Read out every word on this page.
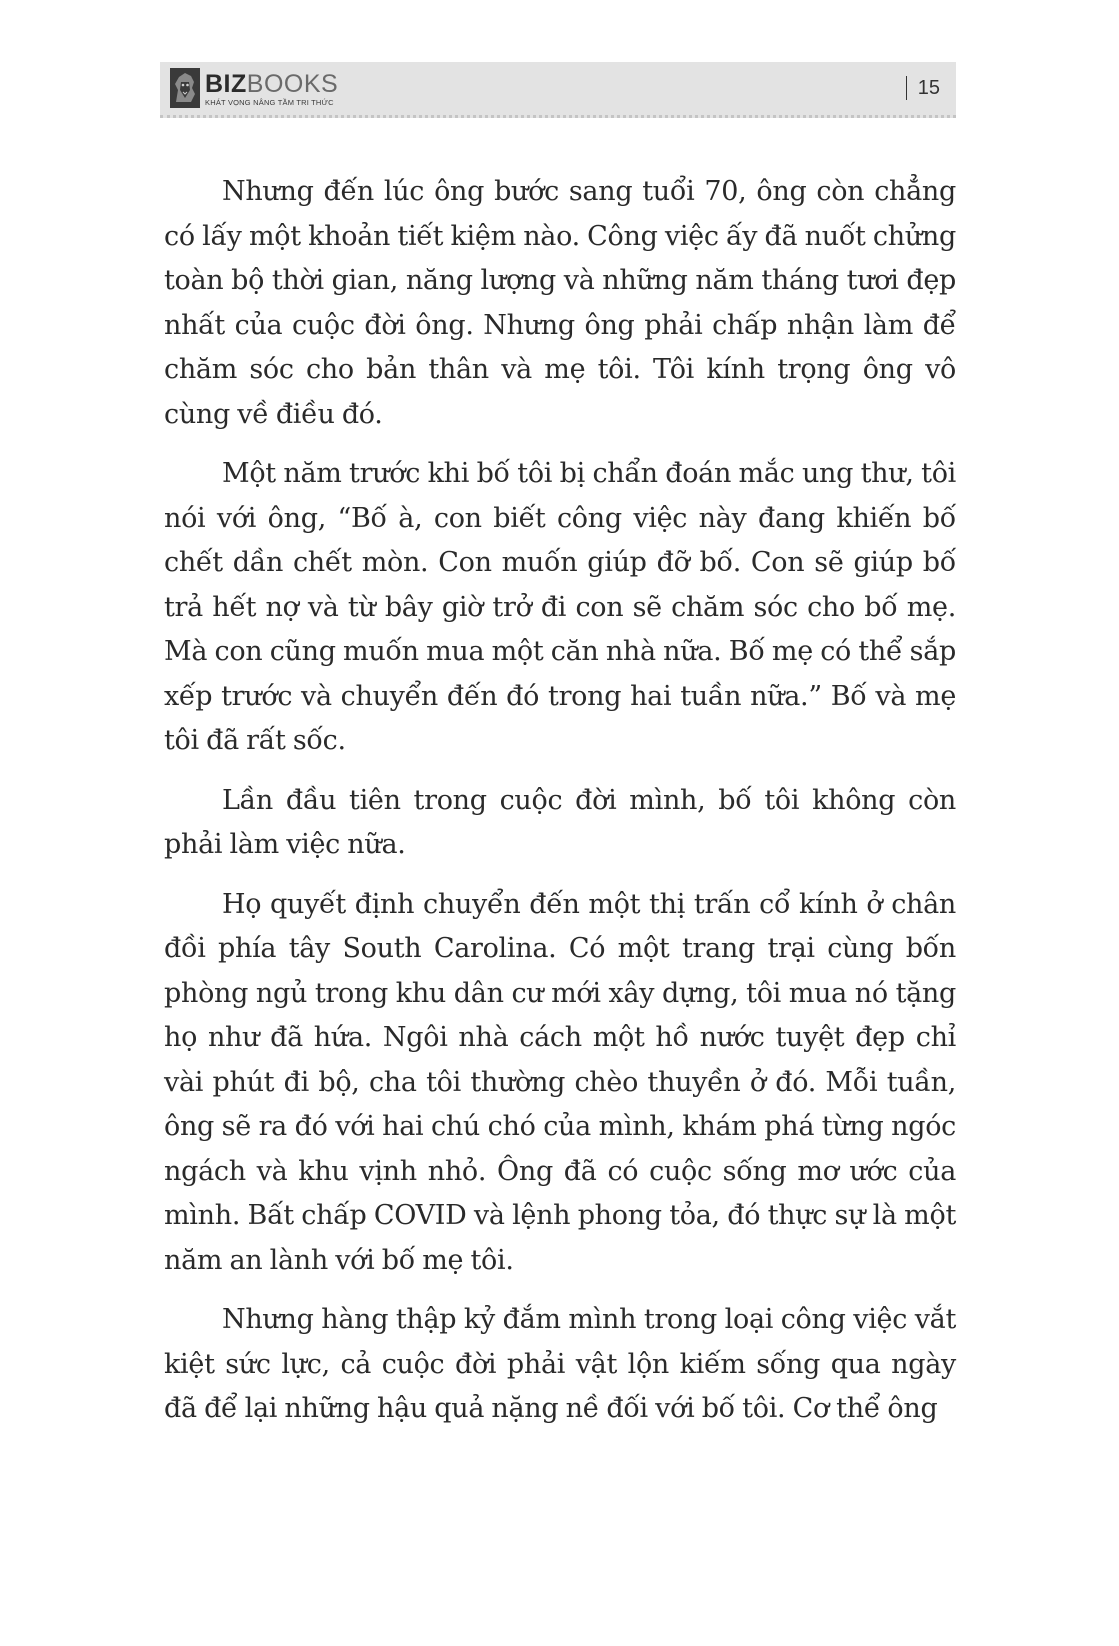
BIZBOOKS
KHÁT VỌNG NÂNG TẦM TRI THỨC
15

Nhưng đến lúc ông bước sang tuổi 70, ông còn chẳng có lấy một khoản tiết kiệm nào. Công việc ấy đã nuốt chửng toàn bộ thời gian, năng lượng và những năm tháng tươi đẹp nhất của cuộc đời ông. Nhưng ông phải chấp nhận làm để chăm sóc cho bản thân và mẹ tôi. Tôi kính trọng ông vô cùng về điều đó.

Một năm trước khi bố tôi bị chẩn đoán mắc ung thư, tôi nói với ông, “Bố à, con biết công việc này đang khiến bố chết dần chết mòn. Con muốn giúp đỡ bố. Con sẽ giúp bố trả hết nợ và từ bây giờ trở đi con sẽ chăm sóc cho bố mẹ. Mà con cũng muốn mua một căn nhà nữa. Bố mẹ có thể sắp xếp trước và chuyển đến đó trong hai tuần nữa.” Bố và mẹ tôi đã rất sốc.

Lần đầu tiên trong cuộc đời mình, bố tôi không còn phải làm việc nữa.

Họ quyết định chuyển đến một thị trấn cổ kính ở chân đồi phía tây South Carolina. Có một trang trại cùng bốn phòng ngủ trong khu dân cư mới xây dựng, tôi mua nó tặng họ như đã hứa. Ngôi nhà cách một hồ nước tuyệt đẹp chỉ vài phút đi bộ, cha tôi thường chèo thuyền ở đó. Mỗi tuần, ông sẽ ra đó với hai chú chó của mình, khám phá từng ngóc ngách và khu vịnh nhỏ. Ông đã có cuộc sống mơ ước của mình. Bất chấp COVID và lệnh phong tỏa, đó thực sự là một năm an lành với bố mẹ tôi.

Nhưng hàng thập kỷ đắm mình trong loại công việc vắt kiệt sức lực, cả cuộc đời phải vật lộn kiếm sống qua ngày đã để lại những hậu quả nặng nề đối với bố tôi. Cơ thể ông
